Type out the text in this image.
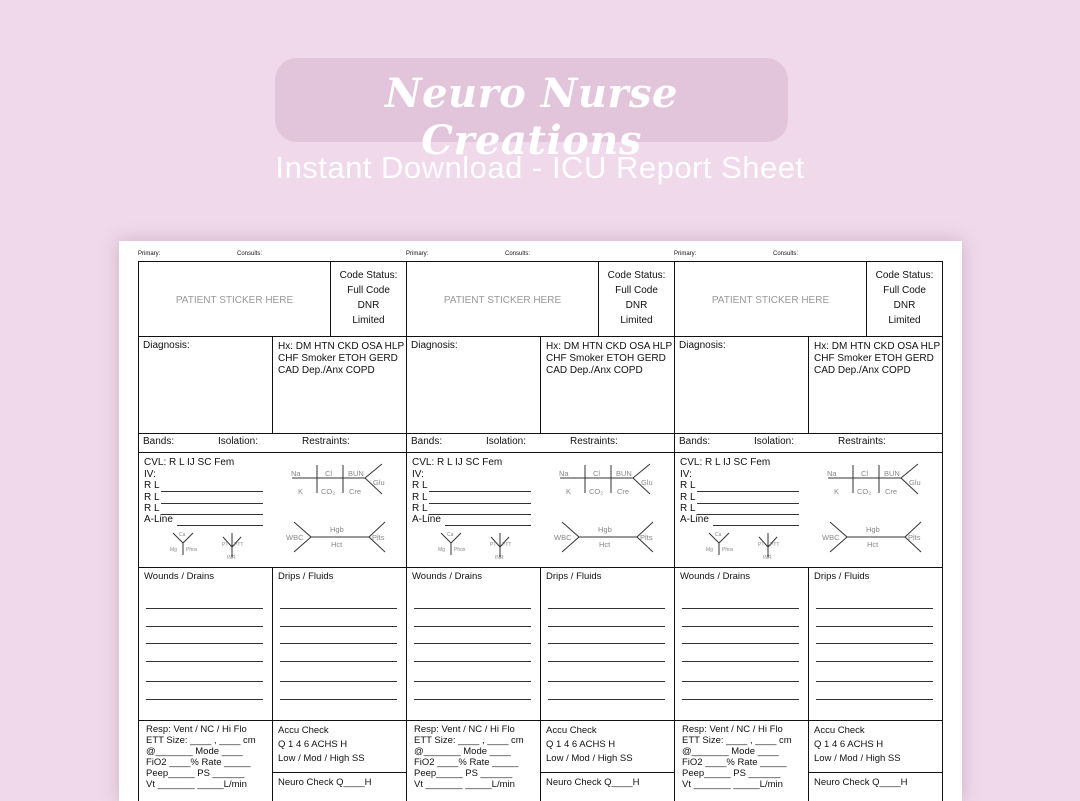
Neuro Nurse Creations
Instant Download - ICU Report Sheet
Primary:	Consults:
PATIENT STICKER HERE
Code Status:
Full Code
DNR
Limited
Diagnosis:	Hx: DM HTN CKD OSA HLP
CHF Smoker ETOH GERD
CAD Dep./Anx COPD
Bands:	Isolation:	Restraints:
CVL: R L IJ SC Fem
IV:
R L
R L
R L
A-Line
Ca
Mg Phos
PT PTT
INR
Na	Cl BUN
K CO₂ Cre
Glu
WBC
Hgb
Hct
Plts
Wounds / Drains	Drips / Fluids
Resp: Vent / NC / Hi Flo
ETT Size: ____ , ____ cm
@_______ Mode ____
FiO2 ____% Rate _____
Peep_____ PS ______
Vt _______ _____L/min
Accu Check
Q 1 4 6 ACHS H
Low / Mod / High SS
Neuro Check Q____H
Primary:	Consults:
PATIENT STICKER HERE
Code Status:
Full Code
DNR
Limited
Diagnosis:	Hx: DM HTN CKD OSA HLP
CHF Smoker ETOH GERD
CAD Dep./Anx COPD
Bands:	Isolation:	Restraints:
CVL: R L IJ SC Fem
IV:
R L
R L
R L
A-Line
Ca
Mg Phos
PT PTT
INR
Na	Cl BUN
K CO₂ Cre
Glu
WBC
Hgb
Hct
Plts
Wounds / Drains	Drips / Fluids
Resp: Vent / NC / Hi Flo
ETT Size: ____ , ____ cm
@_______ Mode ____
FiO2 ____% Rate _____
Peep_____ PS ______
Vt _______ _____L/min
Accu Check
Q 1 4 6 ACHS H
Low / Mod / High SS
Neuro Check Q____H
Primary:	Consults:
PATIENT STICKER HERE
Code Status:
Full Code
DNR
Limited
Diagnosis:	Hx: DM HTN CKD OSA HLP
CHF Smoker ETOH GERD
CAD Dep./Anx COPD
Bands:	Isolation:	Restraints:
CVL: R L IJ SC Fem
IV:
R L
R L
R L
A-Line
Ca
Mg Phos
PT PTT
INR
Na	Cl BUN
K CO₂ Cre
Glu
WBC
Hgb
Hct
Plts
Wounds / Drains	Drips / Fluids
Resp: Vent / NC / Hi Flo
ETT Size: ____ , ____ cm
@_______ Mode ____
FiO2 ____% Rate _____
Peep_____ PS ______
Vt _______ _____L/min
Accu Check
Q 1 4 6 ACHS H
Low / Mod / High SS
Neuro Check Q____H
